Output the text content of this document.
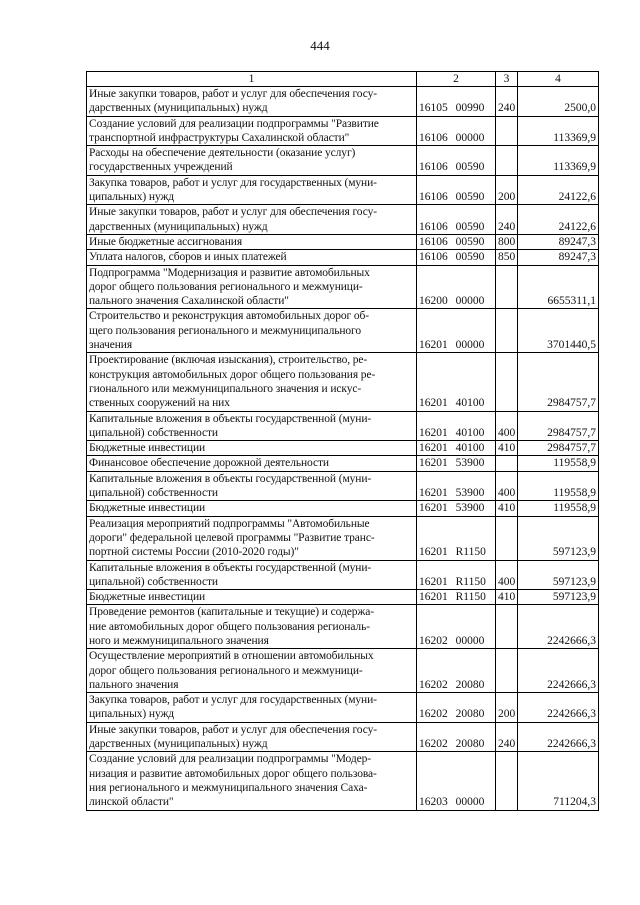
444
1	2	3	4
Иные закупки товаров, работ и услуг для обеспечения госу-
дарственных (муниципальных) нужд	16105 00990	240	2500,0
Создание условий для реализации подпрограммы "Развитие
транспортной инфраструктуры Сахалинской области"	16106 00000		113369,9
Расходы на обеспечение деятельности (оказание услуг)
государственных учреждений	16106 00590		113369,9
Закупка товаров, работ и услуг для государственных (муни-
ципальных) нужд	16106 00590	200	24122,6
Иные закупки товаров, работ и услуг для обеспечения госу-
дарственных (муниципальных) нужд	16106 00590	240	24122,6
Иные бюджетные ассигнования	16106 00590	800	89247,3
Уплата налогов, сборов и иных платежей	16106 00590	850	89247,3
Подпрограмма "Модернизация и развитие автомобильных
дорог общего пользования регионального и межмуници-
пального значения Сахалинской области"	16200 00000		6655311,1
Строительство и реконструкция автомобильных дорог об-
щего пользования регионального и межмуниципального
значения	16201 00000		3701440,5
Проектирование (включая изыскания), строительство, ре-
конструкция автомобильных дорог общего пользования ре-
гионального или межмуниципального значения и искус-
ственных сооружений на них	16201 40100		2984757,7
Капитальные вложения в объекты государственной (муни-
ципальной) собственности	16201 40100	400	2984757,7
Бюджетные инвестиции	16201 40100	410	2984757,7
Финансовое обеспечение дорожной деятельности	16201 53900		119558,9
Капитальные вложения в объекты государственной (муни-
ципальной) собственности	16201 53900	400	119558,9
Бюджетные инвестиции	16201 53900	410	119558,9
Реализация мероприятий подпрограммы "Автомобильные
дороги" федеральной целевой программы "Развитие транс-
портной системы России (2010-2020 годы)"	16201 R1150		597123,9
Капитальные вложения в объекты государственной (муни-
ципальной) собственности	16201 R1150	400	597123,9
Бюджетные инвестиции	16201 R1150	410	597123,9
Проведение ремонтов (капитальные и текущие) и содержа-
ние автомобильных дорог общего пользования региональ-
ного и межмуниципального значения	16202 00000		2242666,3
Осуществление мероприятий в отношении автомобильных
дорог общего пользования регионального и межмуници-
пального значения	16202 20080		2242666,3
Закупка товаров, работ и услуг для государственных (муни-
ципальных) нужд	16202 20080	200	2242666,3
Иные закупки товаров, работ и услуг для обеспечения госу-
дарственных (муниципальных) нужд	16202 20080	240	2242666,3
Создание условий для реализации подпрограммы "Модер-
низация и развитие автомобильных дорог общего пользова-
ния регионального и межмуниципального значения Саха-
линской области"	16203 00000		711204,3
